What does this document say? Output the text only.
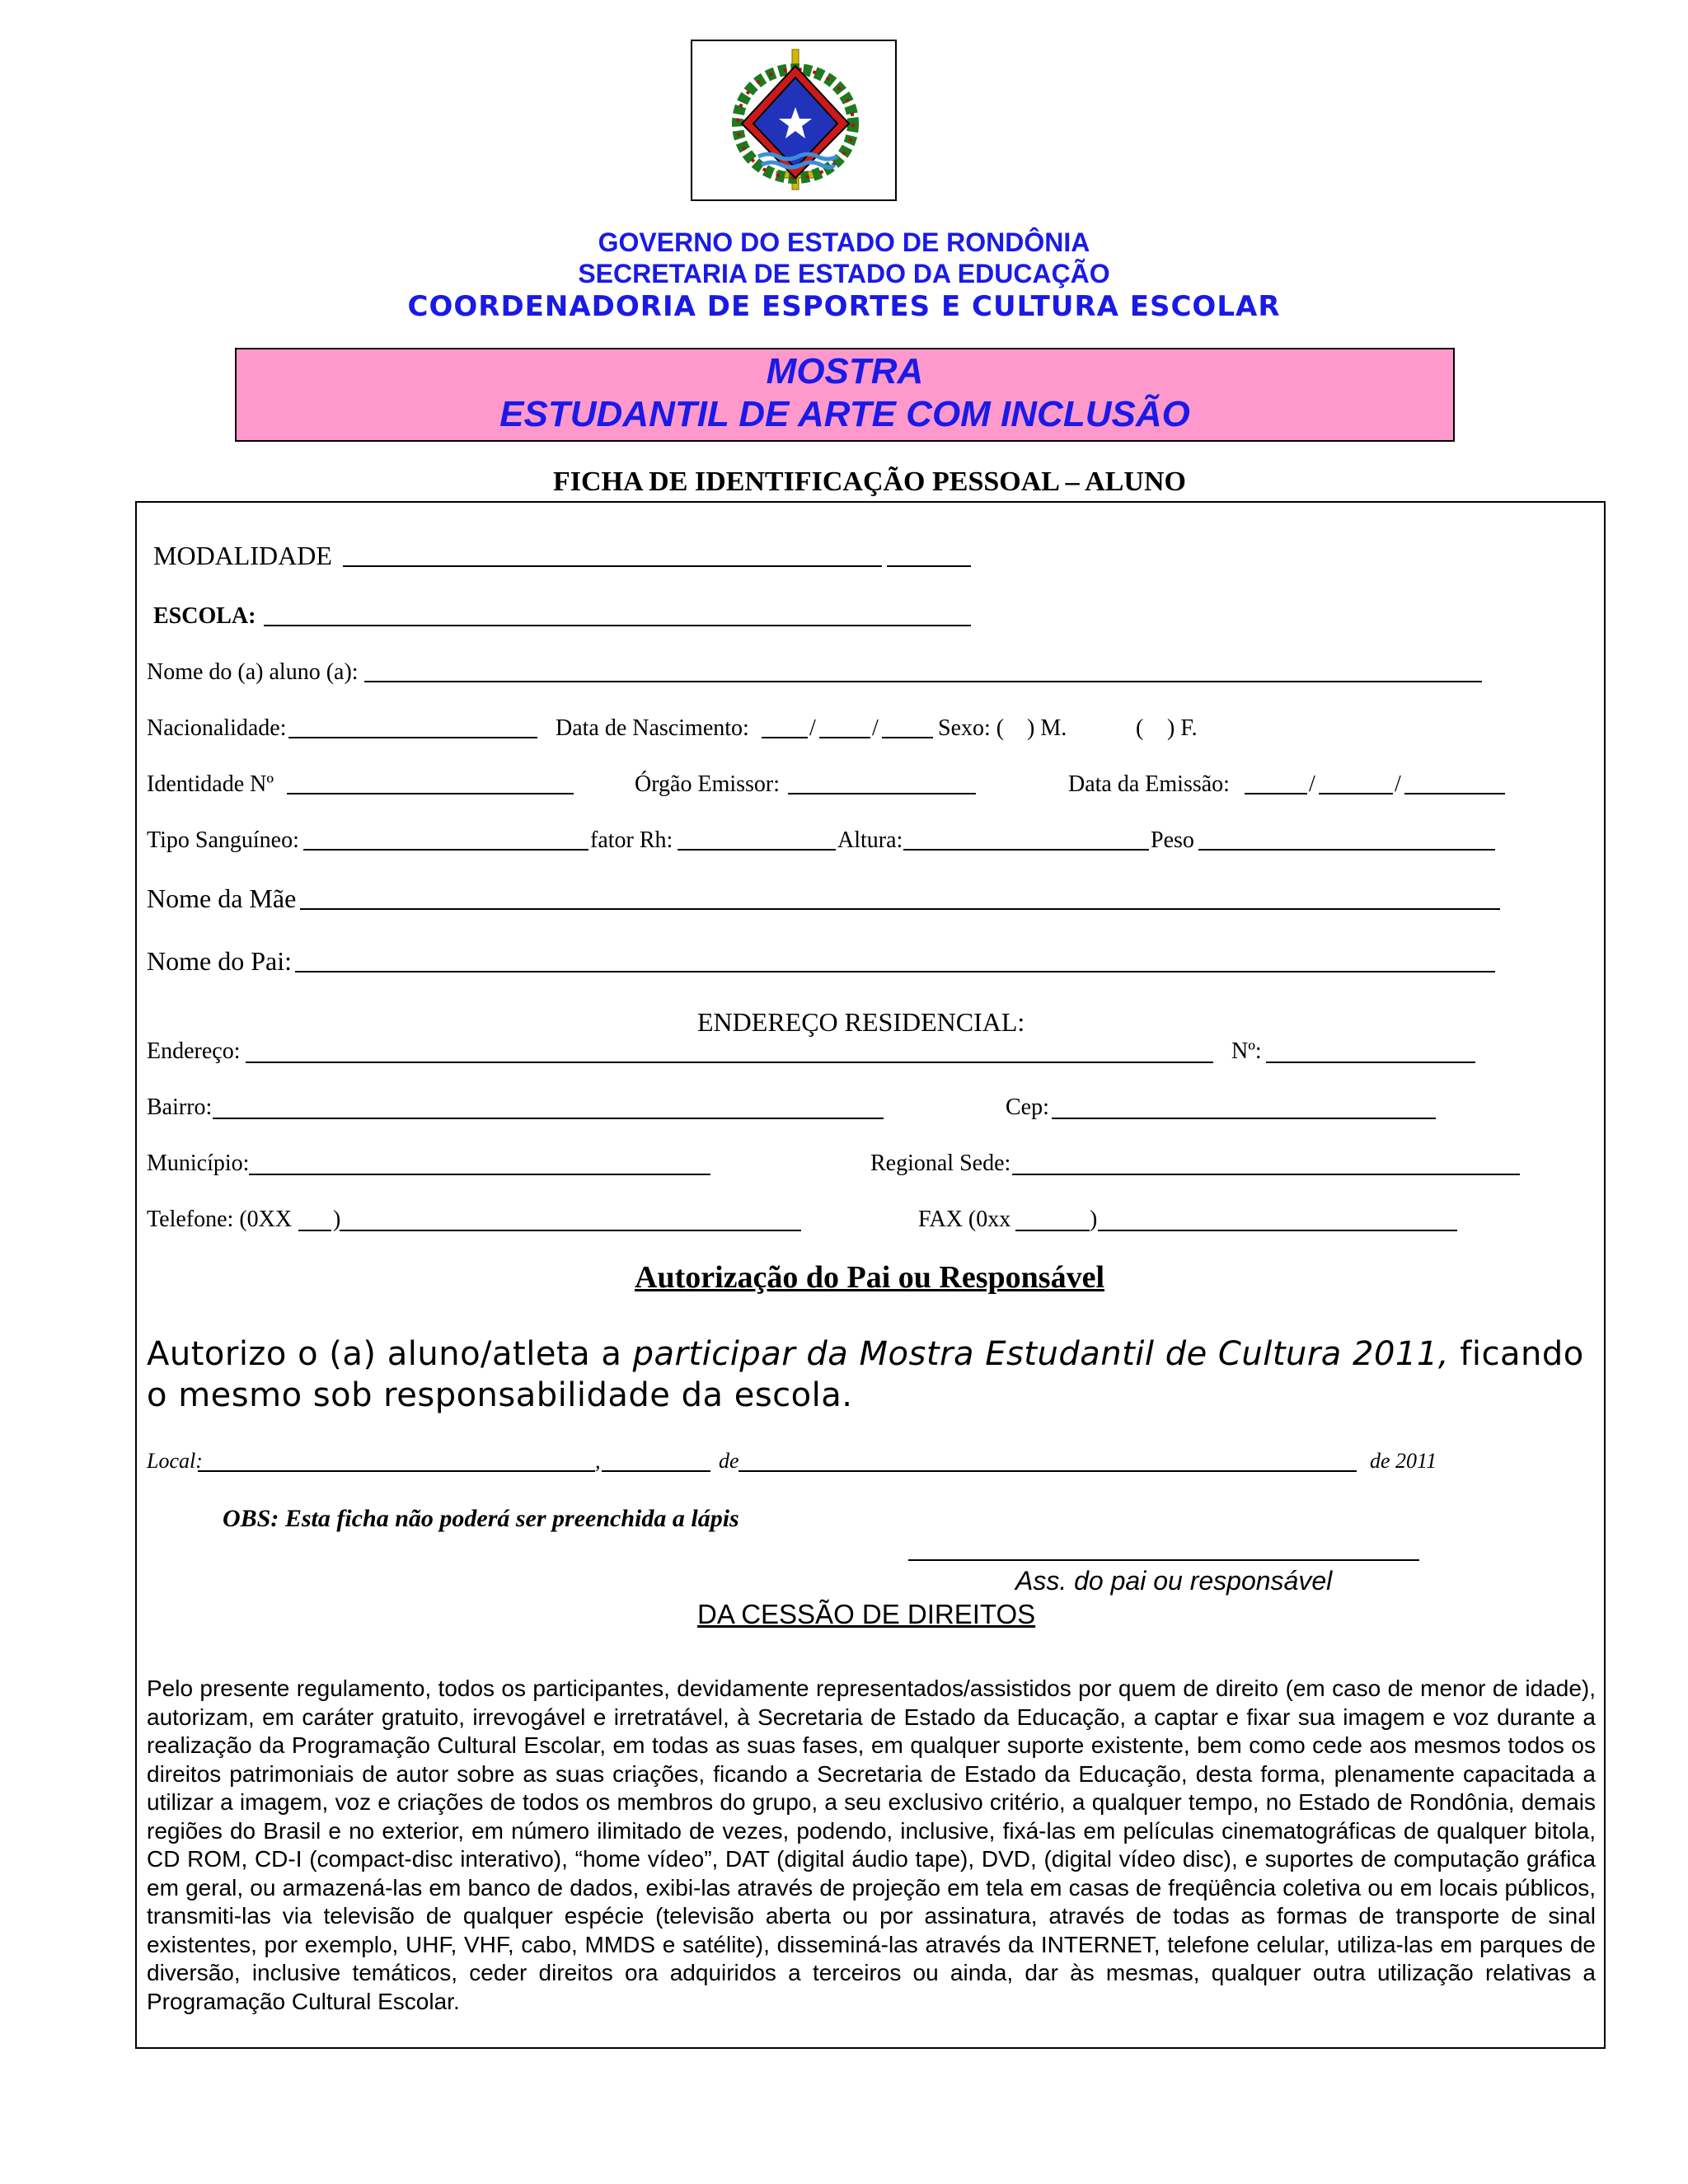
GOVERNO DO ESTADO DE RONDÔNIA
SECRETARIA DE ESTADO DA EDUCAÇÃO
COORDENADORIA DE ESPORTES E CULTURA ESCOLAR
MOSTRA
ESTUDANTIL DE ARTE COM INCLUSÃO
FICHA DE IDENTIFICAÇÃO PESSOAL – ALUNO
MODALIDADE
ESCOLA:
Nome do (a) aluno (a):
Nacionalidade:	Data de Nascimento:	/ /	Sexo: ( ) M.	( ) F.
Identidade Nº	Órgão Emissor:	Data da Emissão:	/	/
Tipo Sanguíneo:	fator Rh:	Altura:	Peso
Nome da Mãe
Nome do Pai:
ENDEREÇO RESIDENCIAL:
Endereço:	Nº:
Bairro:	Cep:
Município:	Regional Sede:
Telefone: (0XX )	FAX (0xx	)
Autorização do Pai ou Responsável
Autorizo o (a) aluno/atleta a participar da Mostra Estudantil de Cultura 2011, ficando o mesmo sob responsabilidade da escola.
Local:	,	de	de 2011
OBS: Esta ficha não poderá ser preenchida a lápis
Ass. do pai ou responsável
DA CESSÃO DE DIREITOS
Pelo presente regulamento, todos os participantes, devidamente representados/assistidos por quem de direito (em caso de menor de idade), autorizam, em caráter gratuito, irrevogável e irretratável, à Secretaria de Estado da Educação, a captar e fixar sua imagem e voz durante a realização da Programação Cultural Escolar, em todas as suas fases, em qualquer suporte existente, bem como cede aos mesmos todos os direitos patrimoniais de autor sobre as suas criações, ficando a Secretaria de Estado da Educação, desta forma, plenamente capacitada a utilizar a imagem, voz e criações de todos os membros do grupo, a seu exclusivo critério, a qualquer tempo, no Estado de Rondônia, demais regiões do Brasil e no exterior, em número ilimitado de vezes, podendo, inclusive, fixá-las em películas cinematográficas de qualquer bitola, CD ROM, CD-I (compact-disc interativo), “home vídeo”, DAT (digital áudio tape), DVD, (digital vídeo disc), e suportes de computação gráfica em geral, ou armazená-las em banco de dados, exibi-las através de projeção em tela em casas de freqüência coletiva ou em locais públicos, transmiti-las via televisão de qualquer espécie (televisão aberta ou por assinatura, através de todas as formas de transporte de sinal existentes, por exemplo, UHF, VHF, cabo, MMDS e satélite), disseminá-las através da INTERNET, telefone celular, utiliza-las em parques de diversão, inclusive temáticos, ceder direitos ora adquiridos a terceiros ou ainda, dar às mesmas, qualquer outra utilização relativas a Programação Cultural Escolar.
